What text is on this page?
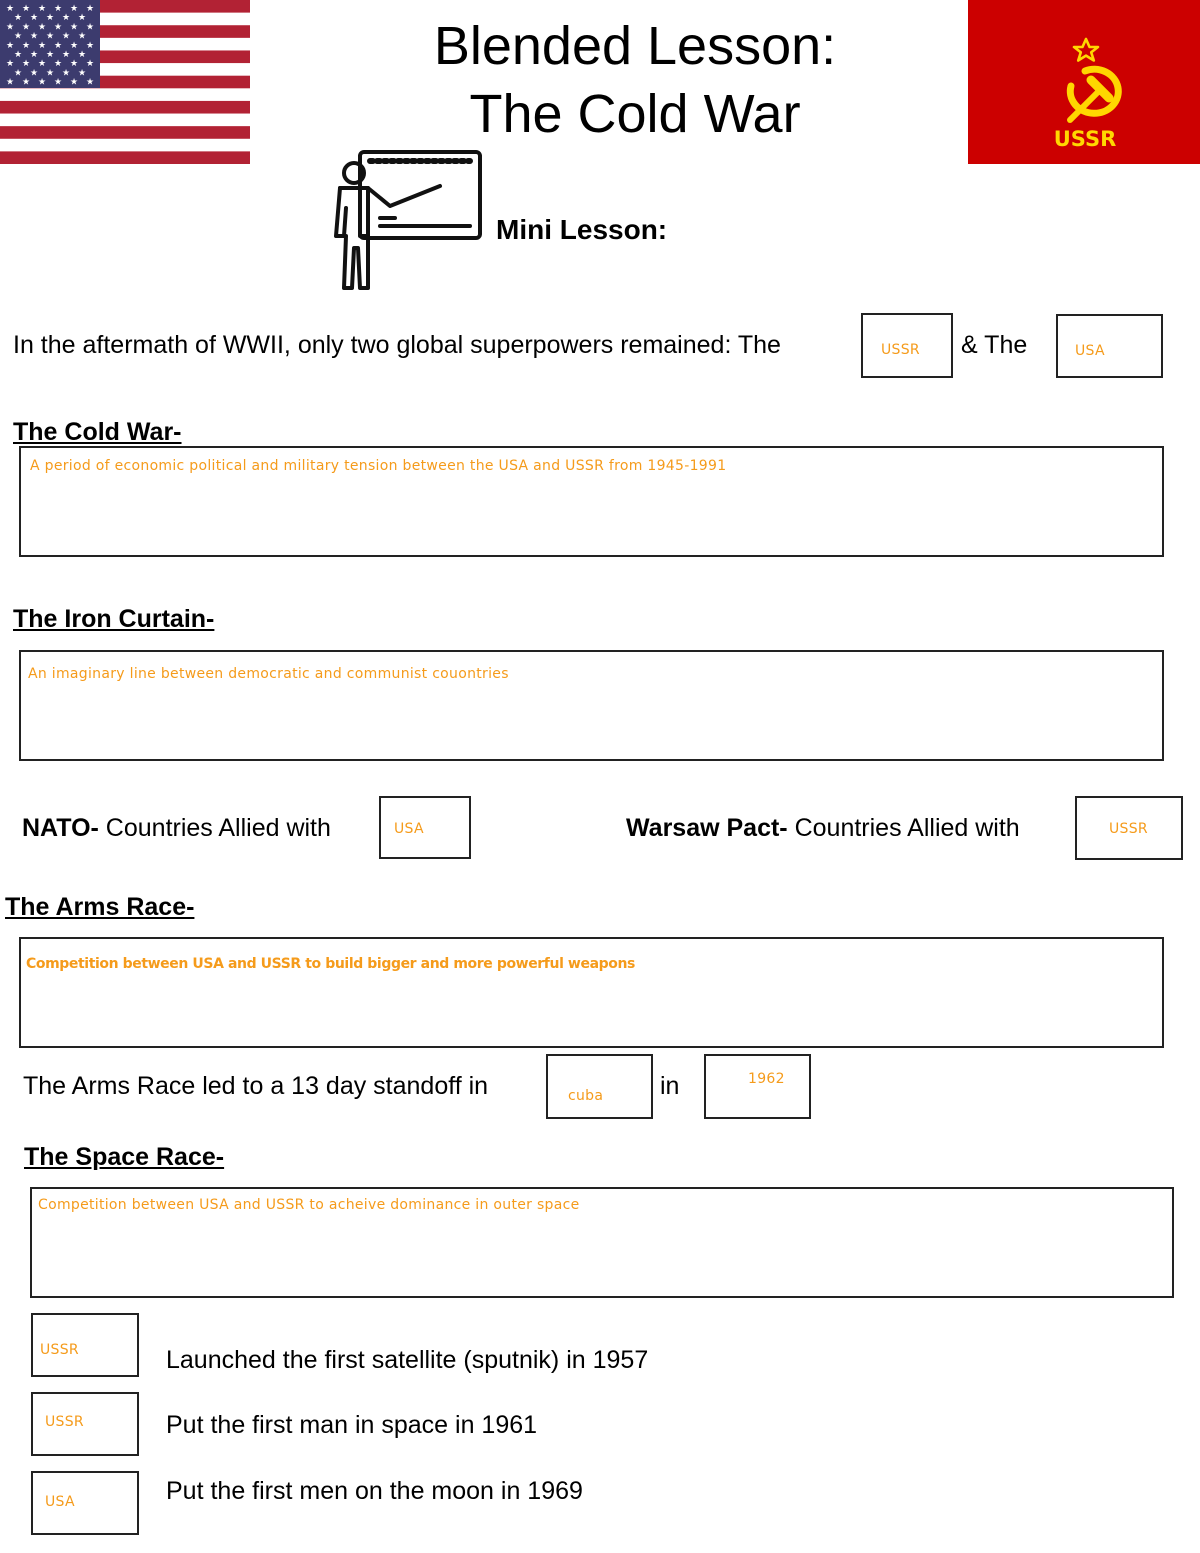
★ ★ ★ ★ ★ ★
★ ★ ★ ★ ★
★ ★ ★ ★ ★ ★
★ ★ ★ ★ ★
★ ★ ★ ★ ★ ★
★ ★ ★ ★ ★
★ ★ ★ ★ ★ ★
★ ★ ★ ★ ★
★ ★ ★ ★ ★ ★
Blended Lesson:
The Cold War	USSR
Mini Lesson:
In the aftermath of WWII, only two global superpowers remained: The	USSR & The	USA
The Cold War-
A period of economic political and military tension between the USA and USSR from 1945-1991
The Iron Curtain-
An imaginary line between democratic and communist couontries
NATO- Countries Allied with	USA	Warsaw Pact- Countries Allied with	USSR
The Arms Race-
Competition between USA and USSR to build bigger and more powerful weapons
The Arms Race led to a 13 day standoff in	cuba in	1962
The Space Race-
Competition between USA and USSR to acheive dominance in outer space
USSR	Launched the first satellite (sputnik) in 1957
USSR	Put the first man in space in 1961
USA	Put the first men on the moon in 1969
